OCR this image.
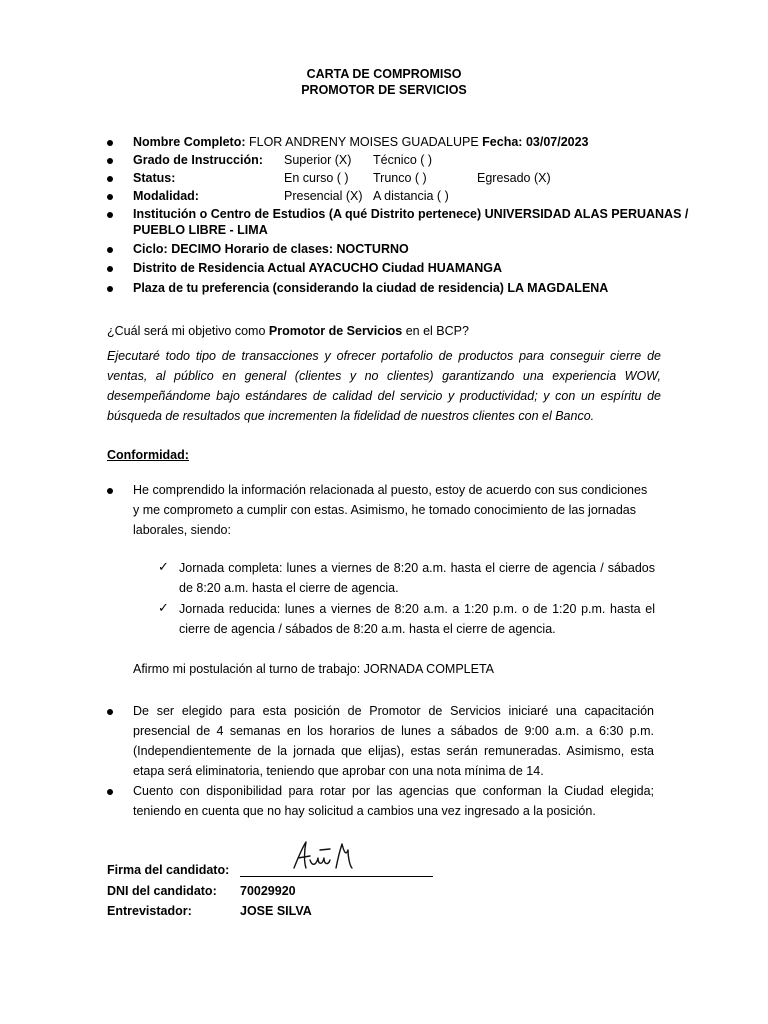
CARTA DE COMPROMISO
PROMOTOR DE SERVICIOS
Nombre Completo: FLOR ANDRENY MOISES GUADALUPE Fecha: 03/07/2023
Grado de Instrucción: Superior (X) Técnico ( )
Status:	En curso ( ) Trunco ( )	Egresado (X)
Modalidad:	Presencial (X) A distancia ( )
Institución o Centro de Estudios (A qué Distrito pertenece) UNIVERSIDAD ALAS PERUANAS /
PUEBLO LIBRE - LIMA
Ciclo: DECIMO Horario de clases: NOCTURNO
Distrito de Residencia Actual AYACUCHO Ciudad HUAMANGA
Plaza de tu preferencia (considerando la ciudad de residencia) LA MAGDALENA
¿Cuál será mi objetivo como Promotor de Servicios en el BCP?
Ejecutaré todo tipo de transacciones y ofrecer portafolio de productos para conseguir cierre de
ventas, al público en general (clientes y no clientes) garantizando una experiencia WOW,
desempeñándome bajo estándares de calidad del servicio y productividad; y con un espíritu de
búsqueda de resultados que incrementen la fidelidad de nuestros clientes con el Banco.
Conformidad:
He comprendido la información relacionada al puesto, estoy de acuerdo con sus condiciones
y me comprometo a cumplir con estas. Asimismo, he tomado conocimiento de las jornadas
laborales, siendo:
✓ Jornada completa: lunes a viernes de 8:20 a.m. hasta el cierre de agencia / sábados
de 8:20 a.m. hasta el cierre de agencia.
✓ Jornada reducida: lunes a viernes de 8:20 a.m. a 1:20 p.m. o de 1:20 p.m. hasta el
cierre de agencia / sábados de 8:20 a.m. hasta el cierre de agencia.
Afirmo mi postulación al turno de trabajo: JORNADA COMPLETA
De ser elegido para esta posición de Promotor de Servicios iniciaré una capacitación
presencial de 4 semanas en los horarios de lunes a sábados de 9:00 a.m. a 6:30 p.m.
(Independientemente de la jornada que elijas), estas serán remuneradas. Asimismo, esta
etapa será eliminatoria, teniendo que aprobar con una nota mínima de 14.
Cuento con disponibilidad para rotar por las agencias que conforman la Ciudad elegida;
teniendo en cuenta que no hay solicitud a cambios una vez ingresado a la posición.
Firma del candidato:
DNI del candidato: 70029920
Entrevistador:	JOSE SILVA
